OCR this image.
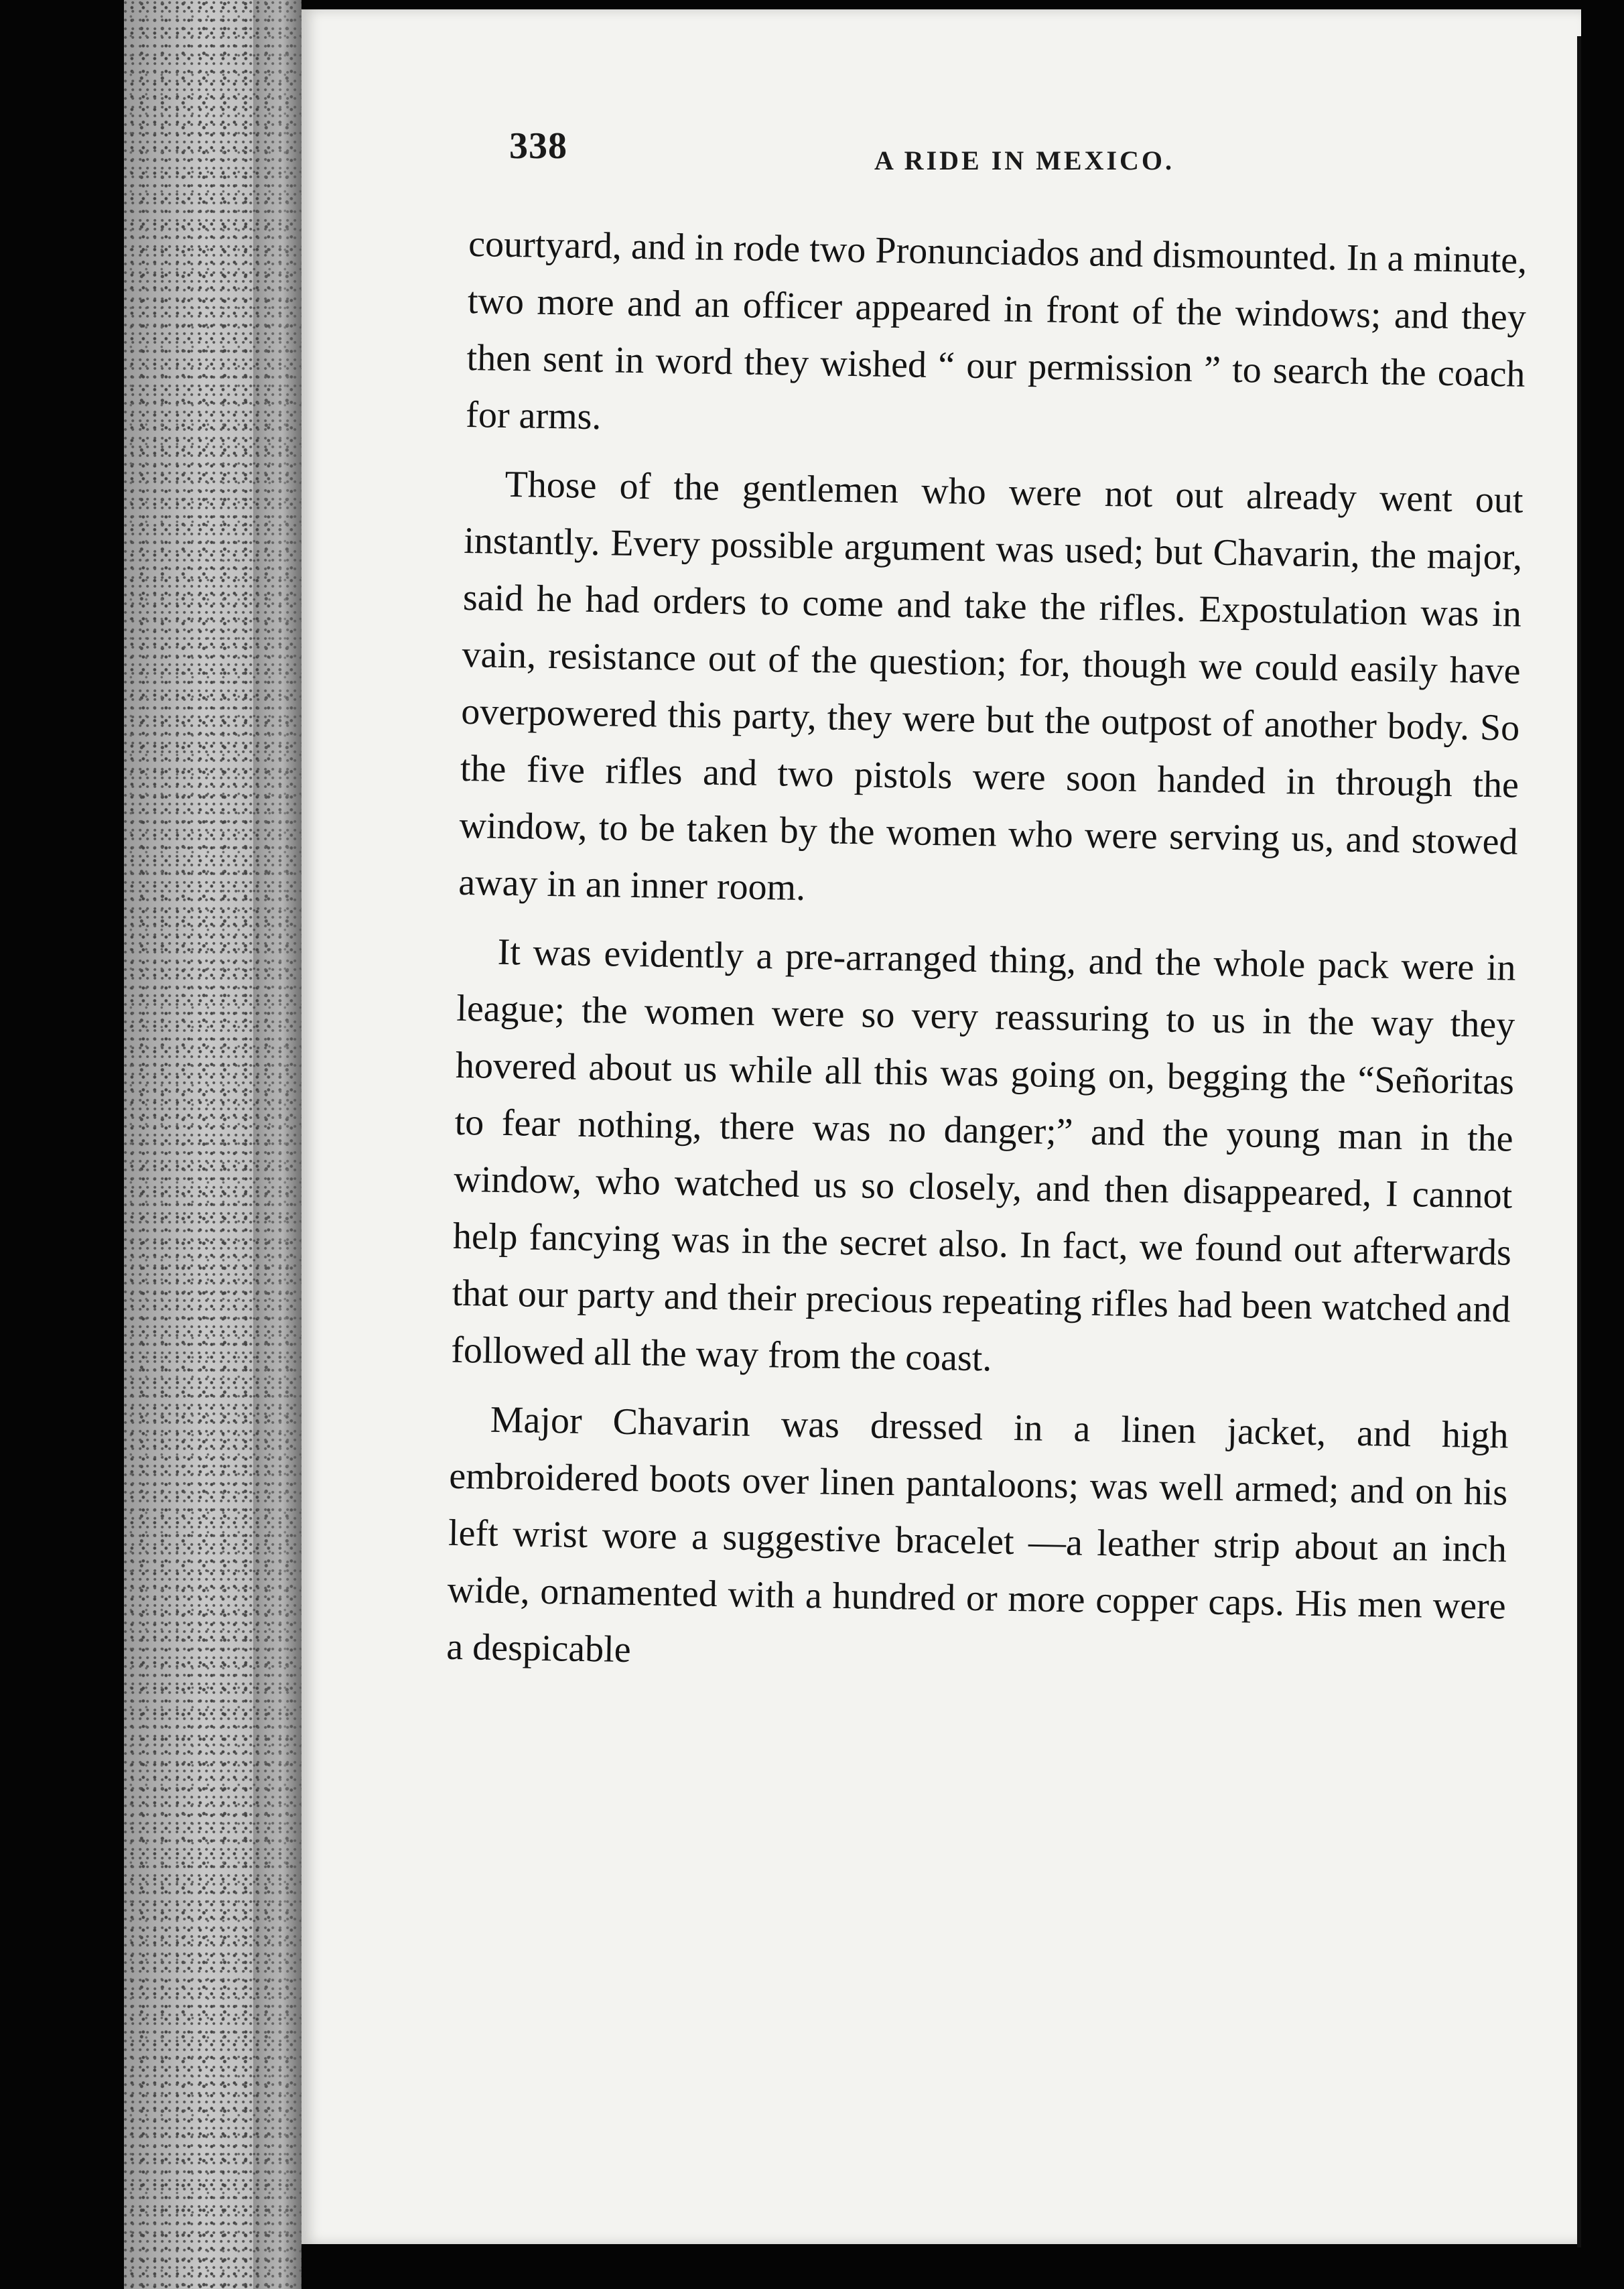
338	A RIDE IN MEXICO.

courtyard, and in rode two Pronunciados and dismounted. In a minute, two more and an officer appeared in front of the windows; and they then sent in word they wished “ our permission ” to search the coach for arms.

Those of the gentlemen who were not out already went out instantly. Every possible argument was used; but Chavarin, the major, said he had orders to come and take the rifles. Expostulation was in vain, resistance out of the question; for, though we could easily have overpowered this party, they were but the outpost of another body. So the five rifles and two pistols were soon handed in through the window, to be taken by the women who were serving us, and stowed away in an inner room.

It was evidently a pre-arranged thing, and the whole pack were in league; the women were so very reassuring to us in the way they hovered about us while all this was going on, begging the “Señoritas to fear nothing, there was no danger;” and the young man in the window, who watched us so closely, and then disappeared, I cannot help fancying was in the secret also. In fact, we found out afterwards that our party and their precious repeating rifles had been watched and followed all the way from the coast.

Major Chavarin was dressed in a linen jacket, and high embroidered boots over linen pantaloons; was well armed; and on his left wrist wore a suggestive bracelet —a leather strip about an inch wide, ornamented with a hundred or more copper caps. His men were a despicable
